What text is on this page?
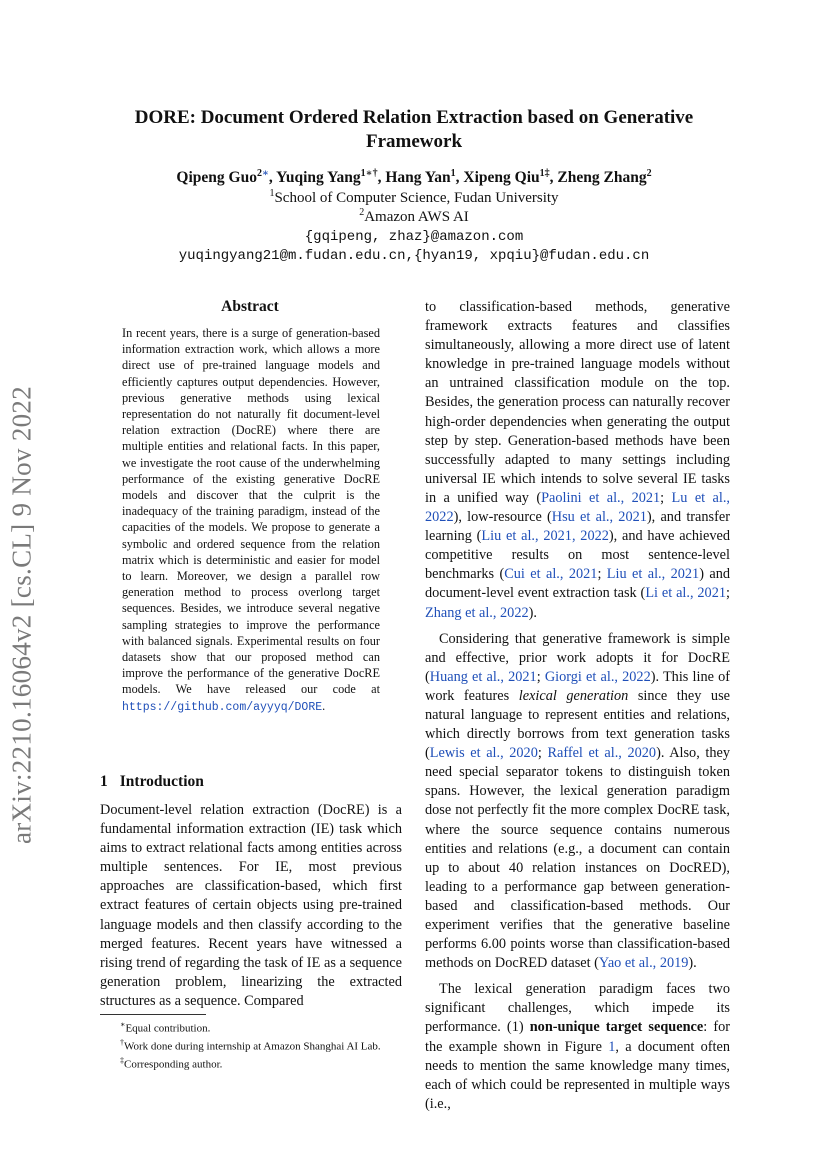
DORE: Document Ordered Relation Extraction based on Generative Framework
Qipeng Guo$^{2∗}$, Yuqing Yang$^{1∗\dagger}$, Hang Yan$^1$, Xipeng Qiu$^{1\ddagger}$, Zheng Zhang$^2$
$^1$School of Computer Science, Fudan University
$^2$Amazon AWS AI
{gqipeng, zhaz}@amazon.com
yuqingyang21@m.fudan.edu.cn,{hyan19, xpqiu}@fudan.edu.cn
arXiv:2210.16064v2 [cs.CL] 9 Nov 2022
Abstract
In recent years, there is a surge of generation-based information extraction work, which allows a more direct use of pre-trained language models and efficiently captures output dependencies. However, previous generative methods using lexical representation do not naturally fit document-level relation extraction (DocRE) where there are multiple entities and relational facts. In this paper, we investigate the root cause of the underwhelming performance of the existing generative DocRE models and discover that the culprit is the inadequacy of the training paradigm, instead of the capacities of the models. We propose to generate a symbolic and ordered sequence from the relation matrix which is deterministic and easier for model to learn. Moreover, we design a parallel row generation method to process overlong target sequences. Besides, we introduce several negative sampling strategies to improve the performance with balanced signals. Experimental results on four datasets show that our proposed method can improve the performance of the generative DocRE models. We have released our code at https://github.com/ayyyq/DORE.
1 Introduction
Document-level relation extraction (DocRE) is a fundamental information extraction (IE) task which aims to extract relational facts among entities across multiple sentences. For IE, most previous approaches are classification-based, which first extract features of certain objects using pre-trained language models and then classify according to the merged features. Recent years have witnessed a rising trend of regarding the task of IE as a sequence generation problem, linearizing the extracted structures as a sequence. Compared

to classification-based methods, generative framework extracts features and classifies simultaneously, allowing a more direct use of latent knowledge in pre-trained language models without an untrained classification module on the top. Besides, the generation process can naturally recover high-order dependencies when generating the output step by step. Generation-based methods have been successfully adapted to many settings including universal IE which intends to solve several IE tasks in a unified way (Paolini et al., 2021; Lu et al., 2022), low-resource (Hsu et al., 2021), and transfer learning (Liu et al., 2021, 2022), and have achieved competitive results on most sentence-level benchmarks (Cui et al., 2021; Liu et al., 2021) and document-level event extraction task (Li et al., 2021; Zhang et al., 2022).

Considering that generative framework is simple and effective, prior work adopts it for DocRE (Huang et al., 2021; Giorgi et al., 2022). This line of work features lexical generation since they use natural language to represent entities and relations, which directly borrows from text generation tasks (Lewis et al., 2020; Raffel et al., 2020). Also, they need special separator tokens to distinguish token spans. However, the lexical generation paradigm dose not perfectly fit the more complex DocRE task, where the source sequence contains numerous entities and relations (e.g., a document can contain up to about 40 relation instances on DocRED), leading to a performance gap between generation-based and classification-based methods. Our experiment verifies that the generative baseline performs 6.00 points worse than classification-based methods on DocRED dataset (Yao et al., 2019).

The lexical generation paradigm faces two significant challenges, which impede its performance. (1) non-unique target sequence: for the example shown in Figure 1, a document often needs to mention the same knowledge many times, each of which could be represented in multiple ways (i.e.,

∗Equal contribution.
†Work done during internship at Amazon Shanghai AI Lab.
‡Corresponding author.
